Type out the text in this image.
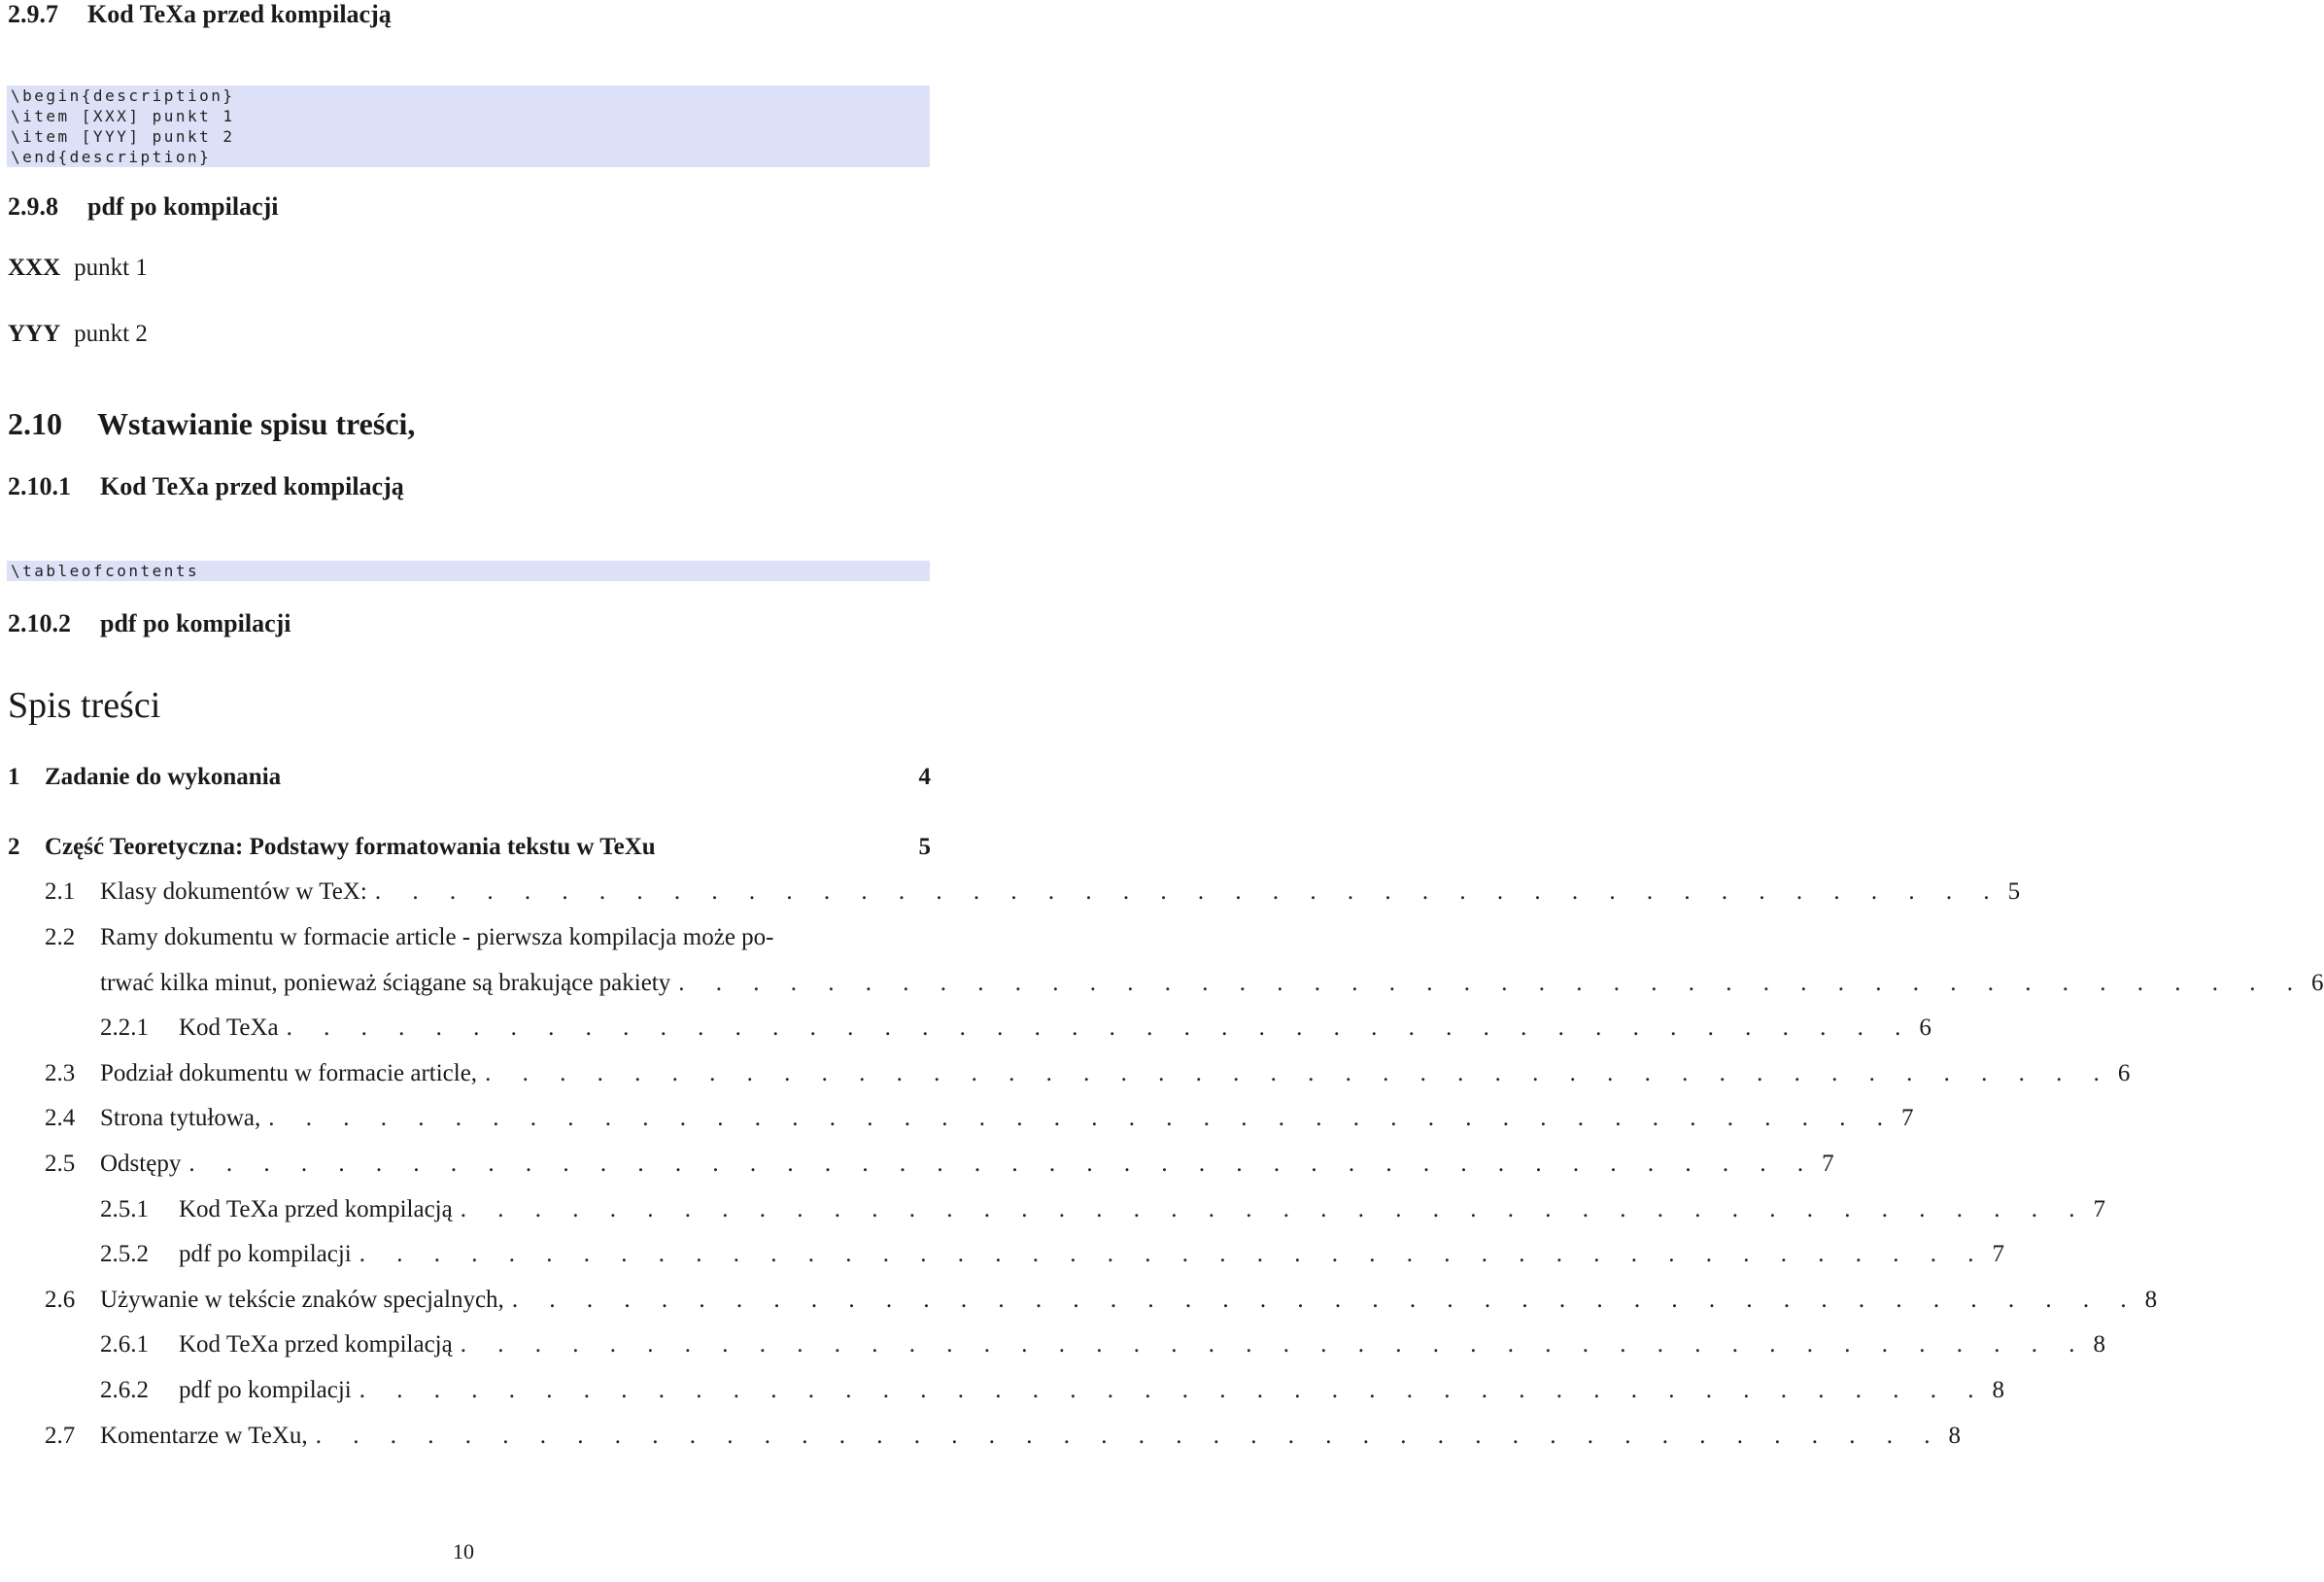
2.9.7 Kod TeXa przed kompilacją
\begin{description}
\item [XXX] punkt 1
\item [YYY] punkt 2
\end{description}
2.9.8 pdf po kompilacji
XXX punkt 1
YYY punkt 2
2.10 Wstawianie spisu treści,
2.10.1 Kod TeXa przed kompilacją
\tableofcontents
2.10.2 pdf po kompilacji
Spis treści
1	Zadanie do wykonania	4
2	Część Teoretyczna: Podstawy formatowania tekstu w TeXu	5
2.1	Klasy dokumentów w TeX: . . . . . . . . . . . . . . . . . . . . . . . . . . . . . . . . . . . . . . . . . . . . 5
2.2	Ramy dokumentu w formacie article - pierwsza kompilacja może po-
trwać kilka minut, ponieważ ściągane są brakujące pakiety . . . . . . . . . . . . . . . . . . . . . . . . . . . . . . . . . . . . . . . . . . . . 6
2.2.1	Kod TeXa . . . . . . . . . . . . . . . . . . . . . . . . . . . . . . . . . . . . . . . . . . . . 6
2.3	Podział dokumentu w formacie article, . . . . . . . . . . . . . . . . . . . . . . . . . . . . . . . . . . . . . . . . . . . . 6
2.4	Strona tytułowa, . . . . . . . . . . . . . . . . . . . . . . . . . . . . . . . . . . . . . . . . . . . . 7
2.5	Odstępy . . . . . . . . . . . . . . . . . . . . . . . . . . . . . . . . . . . . . . . . . . . . 7
2.5.1	Kod TeXa przed kompilacją . . . . . . . . . . . . . . . . . . . . . . . . . . . . . . . . . . . . . . . . . . . . 7
2.5.2	pdf po kompilacji . . . . . . . . . . . . . . . . . . . . . . . . . . . . . . . . . . . . . . . . . . . . 7
2.6	Używanie w tekście znaków specjalnych, . . . . . . . . . . . . . . . . . . . . . . . . . . . . . . . . . . . . . . . . . . . . 8
2.6.1	Kod TeXa przed kompilacją . . . . . . . . . . . . . . . . . . . . . . . . . . . . . . . . . . . . . . . . . . . . 8
2.6.2	pdf po kompilacji . . . . . . . . . . . . . . . . . . . . . . . . . . . . . . . . . . . . . . . . . . . . 8
2.7	Komentarze w TeXu, . . . . . . . . . . . . . . . . . . . . . . . . . . . . . . . . . . . . . . . . . . . . 8
10
